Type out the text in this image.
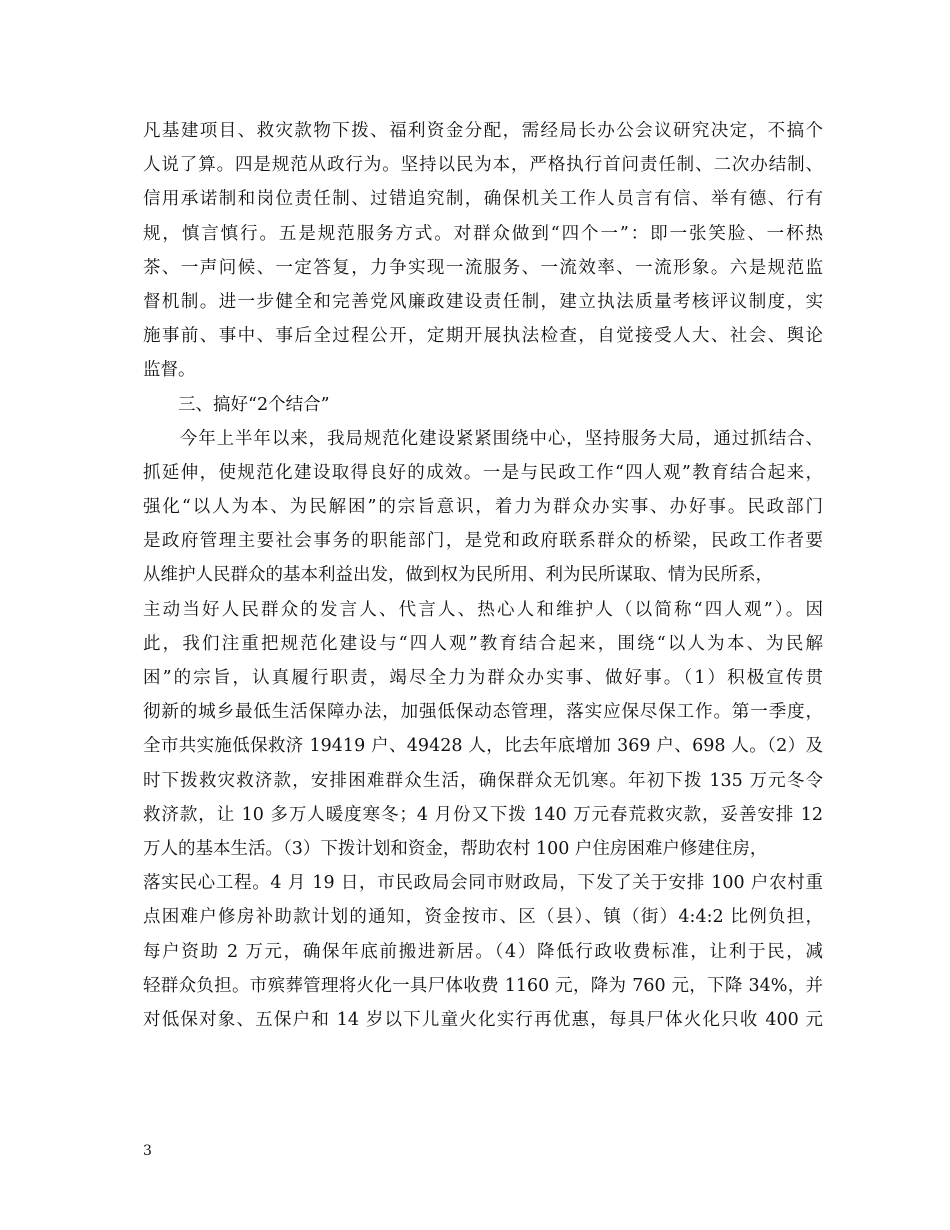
凡基建项目、救灾款物下拨、福利资金分配，需经局长办公会议研究决定，不搞个
人说了算。四是规范从政行为。坚持以民为本，严格执行首问责任制、二次办结制、
信用承诺制和岗位责任制、过错追究制，确保机关工作人员言有信、举有德、行有
规，慎言慎行。五是规范服务方式。对群众做到“四个一”：即一张笑脸、一杯热
茶、一声问候、一定答复，力争实现一流服务、一流效率、一流形象。六是规范监
督机制。进一步健全和完善党风廉政建设责任制，建立执法质量考核评议制度，实
施事前、事中、事后全过程公开，定期开展执法检查，自觉接受人大、社会、舆论
监督。
　　三、搞好“2个结合”
　　今年上半年以来，我局规范化建设紧紧围绕中心，坚持服务大局，通过抓结合、
抓延伸，使规范化建设取得良好的成效。一是与民政工作“四人观”教育结合起来，
强化“以人为本、为民解困”的宗旨意识，着力为群众办实事、办好事。民政部门
是政府管理主要社会事务的职能部门，是党和政府联系群众的桥梁，民政工作者要
从维护人民群众的基本利益出发，做到权为民所用、利为民所谋取、情为民所系，
主动当好人民群众的发言人、代言人、热心人和维护人（以简称“四人观”）。因
此，我们注重把规范化建设与“四人观”教育结合起来，围绕“以人为本、为民解
困”的宗旨，认真履行职责，竭尽全力为群众办实事、做好事。（1）积极宣传贯
彻新的城乡最低生活保障办法，加强低保动态管理，落实应保尽保工作。第一季度，
全市共实施低保救济 19419 户、49428 人，比去年底增加 369 户、698 人。（2）及
时下拨救灾救济款，安排困难群众生活，确保群众无饥寒。年初下拨 135 万元冬令
救济款，让 10 多万人暖度寒冬；4 月份又下拨 140 万元春荒救灾款，妥善安排 12
万人的基本生活。（3）下拨计划和资金，帮助农村 100 户住房困难户修建住房，
落实民心工程。4 月 19 日，市民政局会同市财政局，下发了关于安排 100 户农村重
点困难户修房补助款计划的通知，资金按市、区（县）、镇（街）4:4:2 比例负担，
每户资助 2 万元，确保年底前搬进新居。（4）降低行政收费标准，让利于民，减
轻群众负担。市殡葬管理将火化一具尸体收费 1160 元，降为 760 元，下降 34%，并
对低保对象、五保户和 14 岁以下儿童火化实行再优惠，每具尸体火化只收 400 元
3
